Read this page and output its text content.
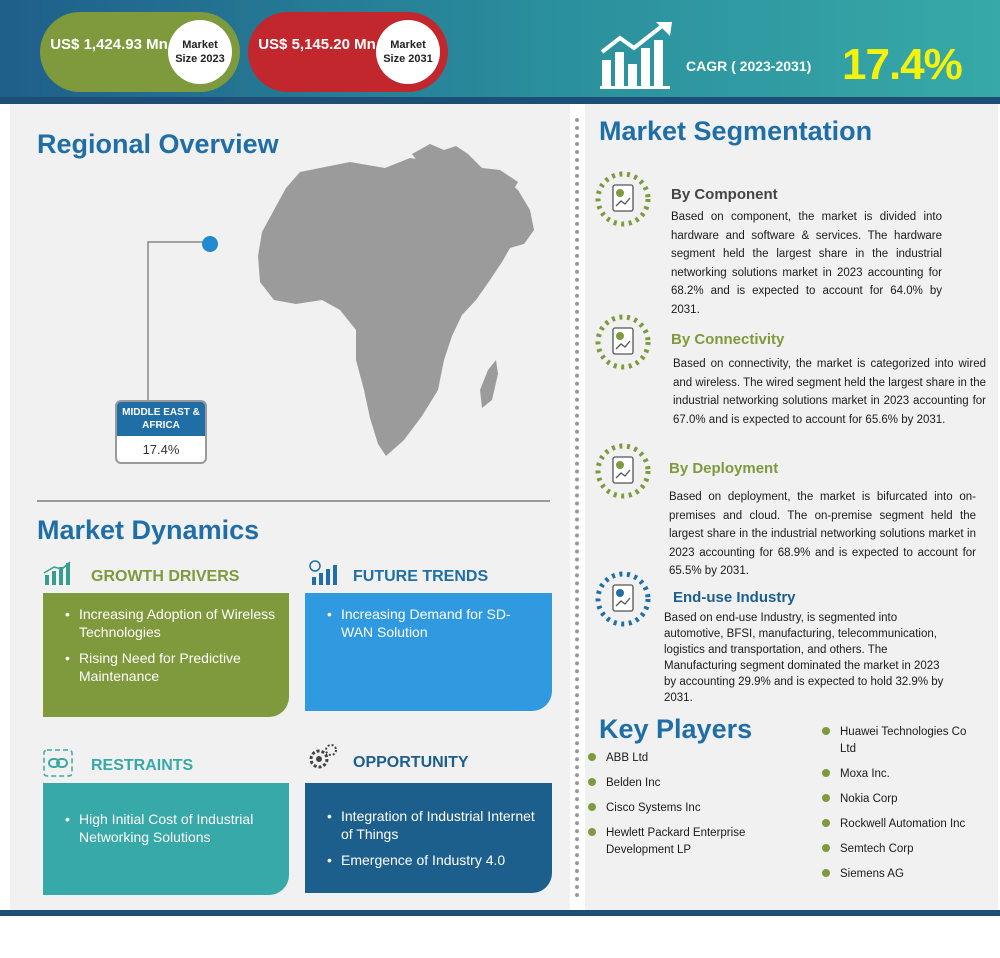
US$ 1,424.93 Mn	Market Size 2023
US$ 5,145.20 Mn	Market Size 2031	CAGR ( 2023-2031) 17.4%
Regional Overview
MIDDLE EAST & AFRICA
17.4%
Market Dynamics
GROWTH DRIVERS
• Increasing Adoption of Wireless Technologies
• Rising Need for Predictive Maintenance
FUTURE TRENDS
• Increasing Demand for SD-WAN Solution
RESTRAINTS
• High Initial Cost of Industrial Networking Solutions
OPPORTUNITY
• Integration of Industrial Internet of Things
• Emergence of Industry 4.0
Market Segmentation
By Component
Based on component, the market is divided into hardware and software & services. The hardware segment held the largest share in the industrial networking solutions market in 2023 accounting for 68.2% and is expected to account for 64.0% by 2031.
By Connectivity
Based on connectivity, the market is categorized into wired and wireless. The wired segment held the largest share in the industrial networking solutions market in 2023 accounting for 67.0% and is expected to account for 65.6% by 2031.
By Deployment
Based on deployment, the market is bifurcated into on-premises and cloud. The on-premise segment held the largest share in the industrial networking solutions market in 2023 accounting for 68.9% and is expected to account for 65.5% by 2031.
End-use Industry
Based on end-use Industry, is segmented into automotive, BFSI, manufacturing, telecommunication, logistics and transportation, and others. The Manufacturing segment dominated the market in 2023 by accounting 29.9% and is expected to hold 32.9% by 2031.
Key Players
ABB Ltd
Belden Inc
Cisco Systems Inc
Hewlett Packard Enterprise Development LP
Huawei Technologies Co Ltd
Moxa Inc.
Nokia Corp
Rockwell Automation Inc
Semtech Corp
Siemens AG
